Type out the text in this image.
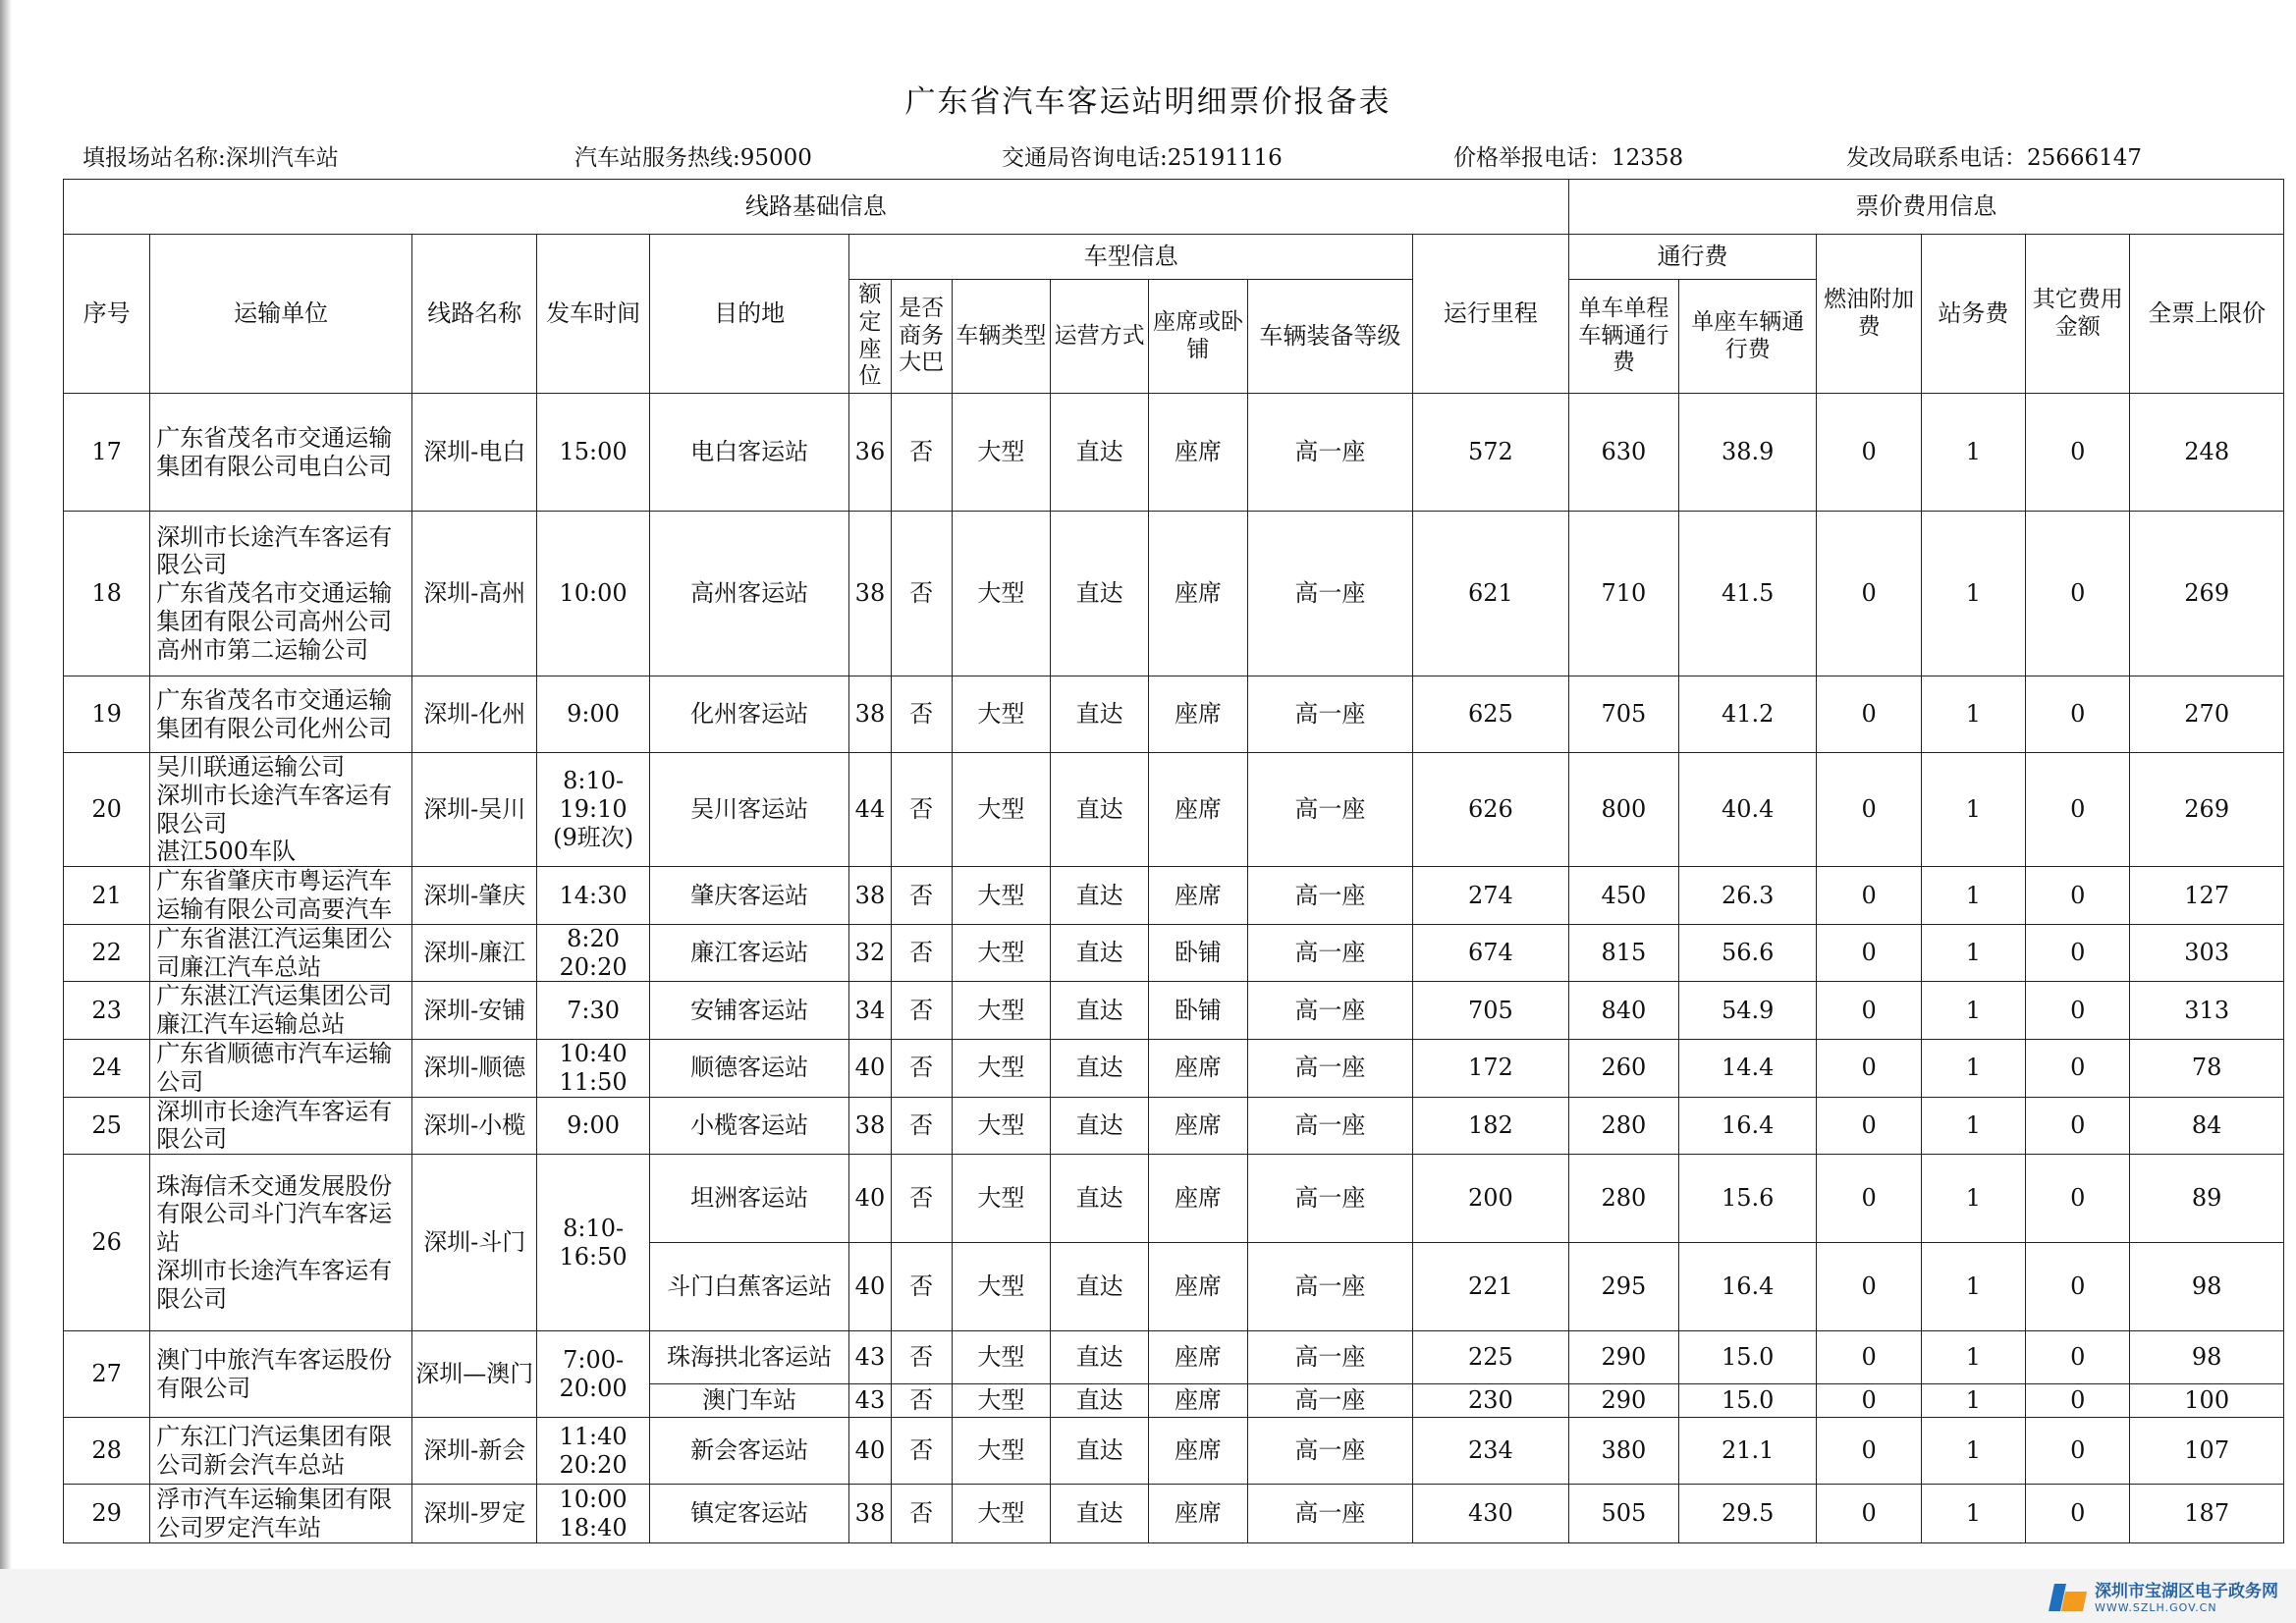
广东省汽车客运站明细票价报备表
填报场站名称:深圳汽车站	汽车站服务热线:95000	交通局咨询电话:25191116	价格举报电话：12358	发改局联系电话：25666147
线路基础信息												票价费用信息					
序号	运输单位	线路名称	发车时间	目的地	车型信息						运行里程	通行费		燃油附加费	站务费	其它费用金额	全票上限价
					额定座位	是否商务大巴	车辆类型	运营方式	座席或卧铺	车辆装备等级		单车单程车辆通行费	单座车辆通行费				

17	广东省茂名市交通运输集团有限公司电白公司	深圳-电白	15:00	电白客运站	36	否	大型	直达	座席	高一座	572	630	38.9	0	1	0	248
18	深圳市长途汽车客运有限公司
广东省茂名市交通运输集团有限公司高州公司
高州市第二运输公司	深圳-高州	10:00	高州客运站	38	否	大型	直达	座席	高一座	621	710	41.5	0	1	0	269
19	广东省茂名市交通运输集团有限公司化州公司	深圳-化州	9:00	化州客运站	38	否	大型	直达	座席	高一座	625	705	41.2	0	1	0	270
20	吴川联通运输公司
深圳市长途汽车客运有限公司
湛江500车队	深圳-吴川	8:10-
19:10
(9班次)	吴川客运站	44	否	大型	直达	座席	高一座	626	800	40.4	0	1	0	269
21	广东省肇庆市粤运汽车运输有限公司高要汽车	深圳-肇庆	14:30	肇庆客运站	38	否	大型	直达	座席	高一座	274	450	26.3	0	1	0	127
22	广东省湛江汽运集团公司廉江汽车总站	深圳-廉江	8:20
20:20	廉江客运站	32	否	大型	直达	卧铺	高一座	674	815	56.6	0	1	0	303
23	广东湛江汽运集团公司廉江汽车运输总站	深圳-安铺	7:30	安铺客运站	34	否	大型	直达	卧铺	高一座	705	840	54.9	0	1	0	313
24	广东省顺德市汽车运输公司	深圳-顺德	10:40
11:50	顺德客运站	40	否	大型	直达	座席	高一座	172	260	14.4	0	1	0	78
25	深圳市长途汽车客运有限公司	深圳-小榄	9:00	小榄客运站	38	否	大型	直达	座席	高一座	182	280	16.4	0	1	0	84
26	珠海信禾交通发展股份有限公司斗门汽车客运站
深圳市长途汽车客运有限公司	深圳-斗门	8:10-
16:50	坦洲客运站	40	否	大型	直达	座席	高一座	200	280	15.6	0	1	0	89
				斗门白蕉客运站	40	否	大型	直达	座席	高一座	221	295	16.4	0	1	0	98
27	澳门中旅汽车客运股份有限公司	深圳—澳门	7:00-
20:00	珠海拱北客运站	43	否	大型	直达	座席	高一座	225	290	15.0	0	1	0	98
				澳门车站	43	否	大型	直达	座席	高一座	230	290	15.0	0	1	0	100
28	广东江门汽运集团有限公司新会汽车总站	深圳-新会	11:40
20:20	新会客运站	40	否	大型	直达	座席	高一座	234	380	21.1	0	1	0	107
29	浮市汽车运输集团有限公司罗定汽车站	深圳-罗定	10:00
18:40	镇定客运站	38	否	大型	直达	座席	高一座	430	505	29.5	0	1	0	187
深圳市宝湖区电子政务网
WWW.SZLH.GOV.CN
